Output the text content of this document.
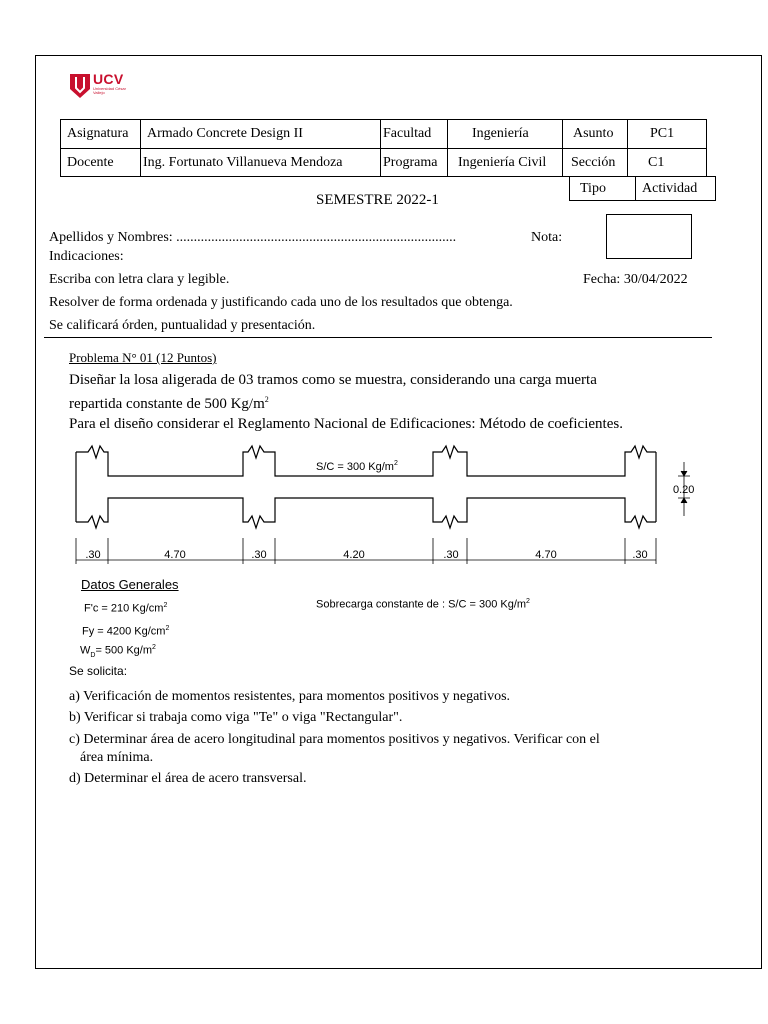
UCV
Universidad César Vallejo
Asignatura	Armado Concrete Design II	Facultad	Ingeniería	Asunto	PC1
Docente	Ing. Fortunato Villanueva Mendoza	Programa	Ingeniería Civil	Sección	C1
Tipo	Actividad
SEMESTRE 2022-1
Apellidos y Nombres: ................................................................................	Nota:
Indicaciones:
Escriba con letra clara y legible.	Fecha: 30/04/2022
Resolver de forma ordenada y justificando cada uno de los resultados que obtenga.
Se calificará órden, puntualidad y presentación.
Problema N° 01 (12 Puntos)
Diseñar la losa aligerada de 03 tramos como se muestra, considerando una carga muerta
repartida constante de 500 $Kg/m^2$
Para el diseño considerar el Reglamento Nacional de Edificaciones: Método de coeficientes.
0.20
S/C = 300 $Kg/m^2$
.30	4.70	.30	4.20	.30	4.70	.30
Datos Generales
F'c = 210 $Kg/cm^2$
Fy = 4200 $Kg/cm^2$
$W_D= 500$ $Kg/m^2$
Sobrecarga constante de : S/C = 300 $Kg/m^2$
Se solicita:
a) Verificación de momentos resistentes, para momentos positivos y negativos.
b) Verificar si trabaja como viga "Te" o viga "Rectangular".
c) Determinar área de acero longitudinal para momentos positivos y negativos. Verificar con el
área mínima.
d) Determinar el área de acero transversal.
